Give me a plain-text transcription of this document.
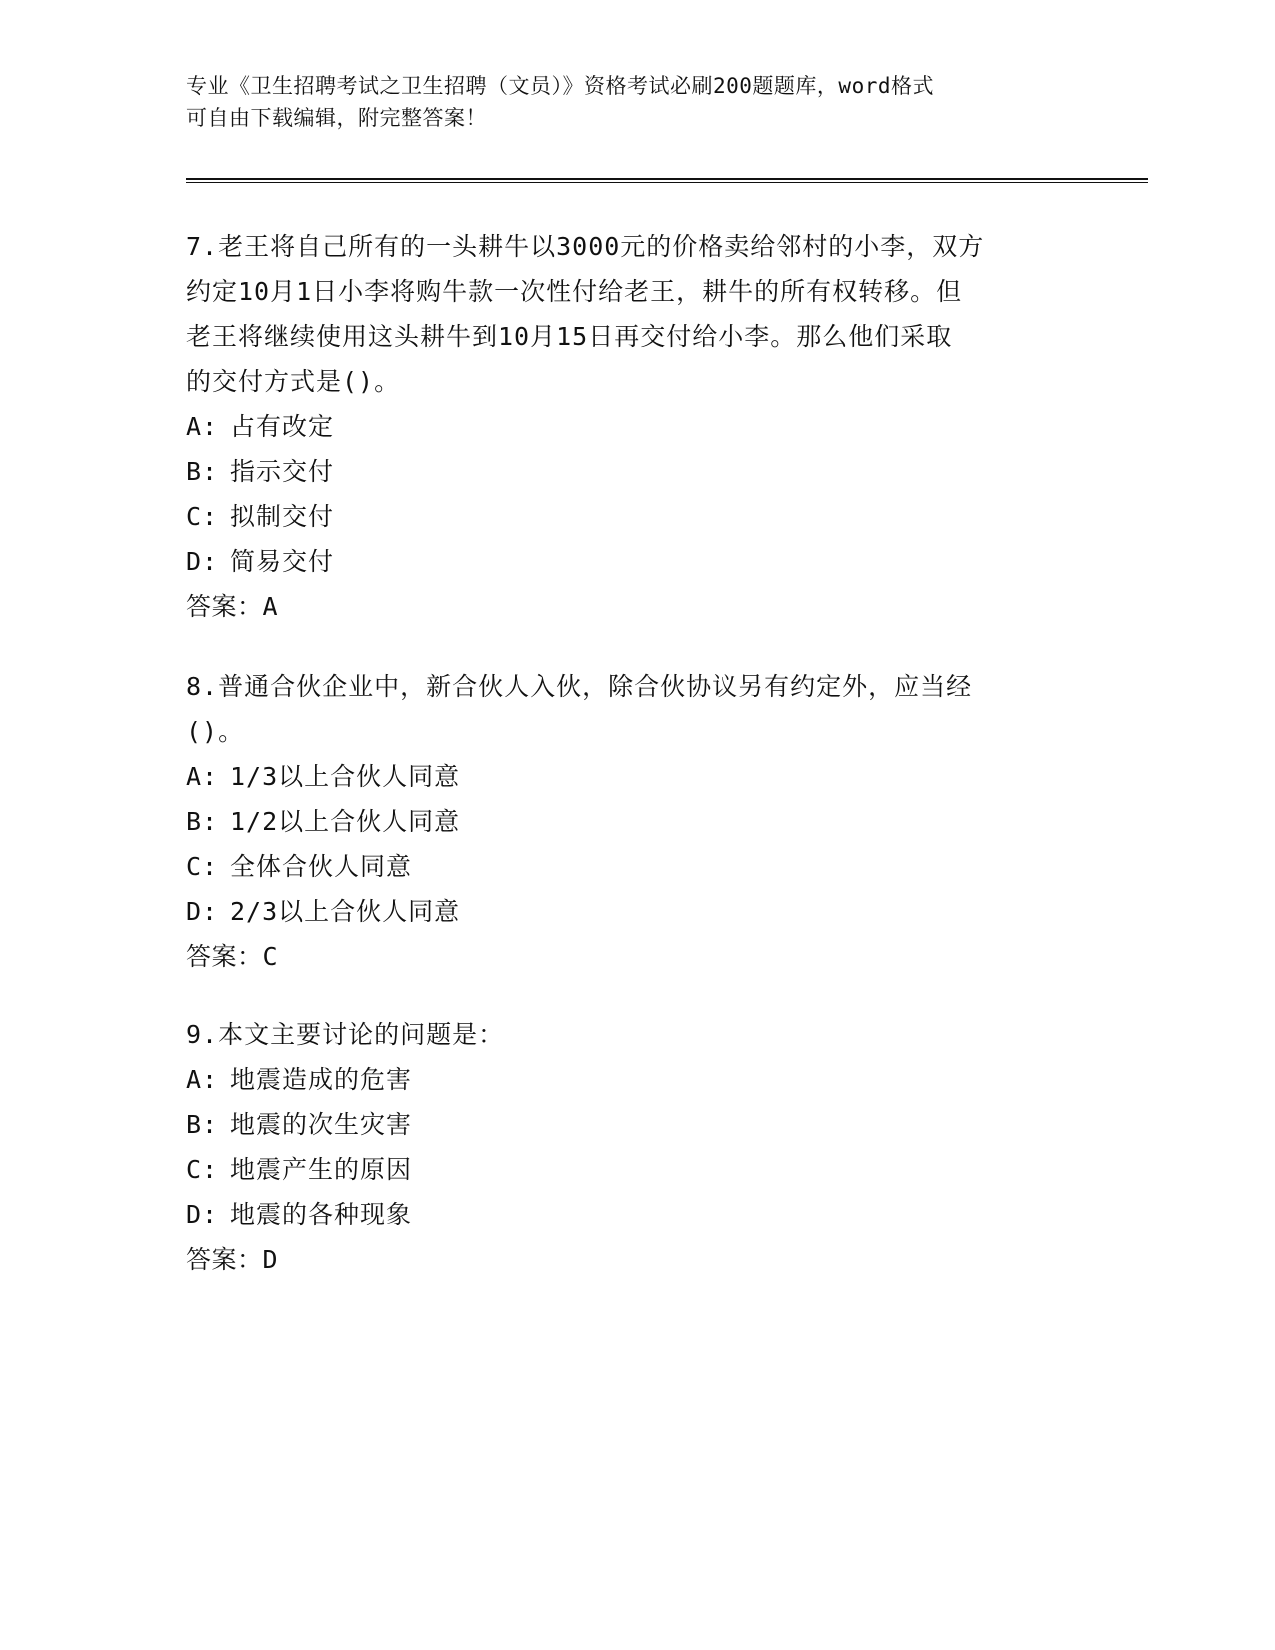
专业《卫生招聘考试之卫生招聘（文员）》资格考试必刷200题题库，word格式
可自由下载编辑，附完整答案！
7.老王将自己所有的一头耕牛以3000元的价格卖给邻村的小李，双方
约定10月1日小李将购牛款一次性付给老王，耕牛的所有权转移。但
老王将继续使用这头耕牛到10月15日再交付给小李。那么他们采取
的交付方式是()。
A: 占有改定
B: 指示交付
C: 拟制交付
D: 简易交付
答案：A
8.普通合伙企业中，新合伙人入伙，除合伙协议另有约定外，应当经
()。
A: 1/3以上合伙人同意
B: 1/2以上合伙人同意
C: 全体合伙人同意
D: 2/3以上合伙人同意
答案：C
9.本文主要讨论的问题是：
A: 地震造成的危害
B: 地震的次生灾害
C: 地震产生的原因
D: 地震的各种现象
答案：D
